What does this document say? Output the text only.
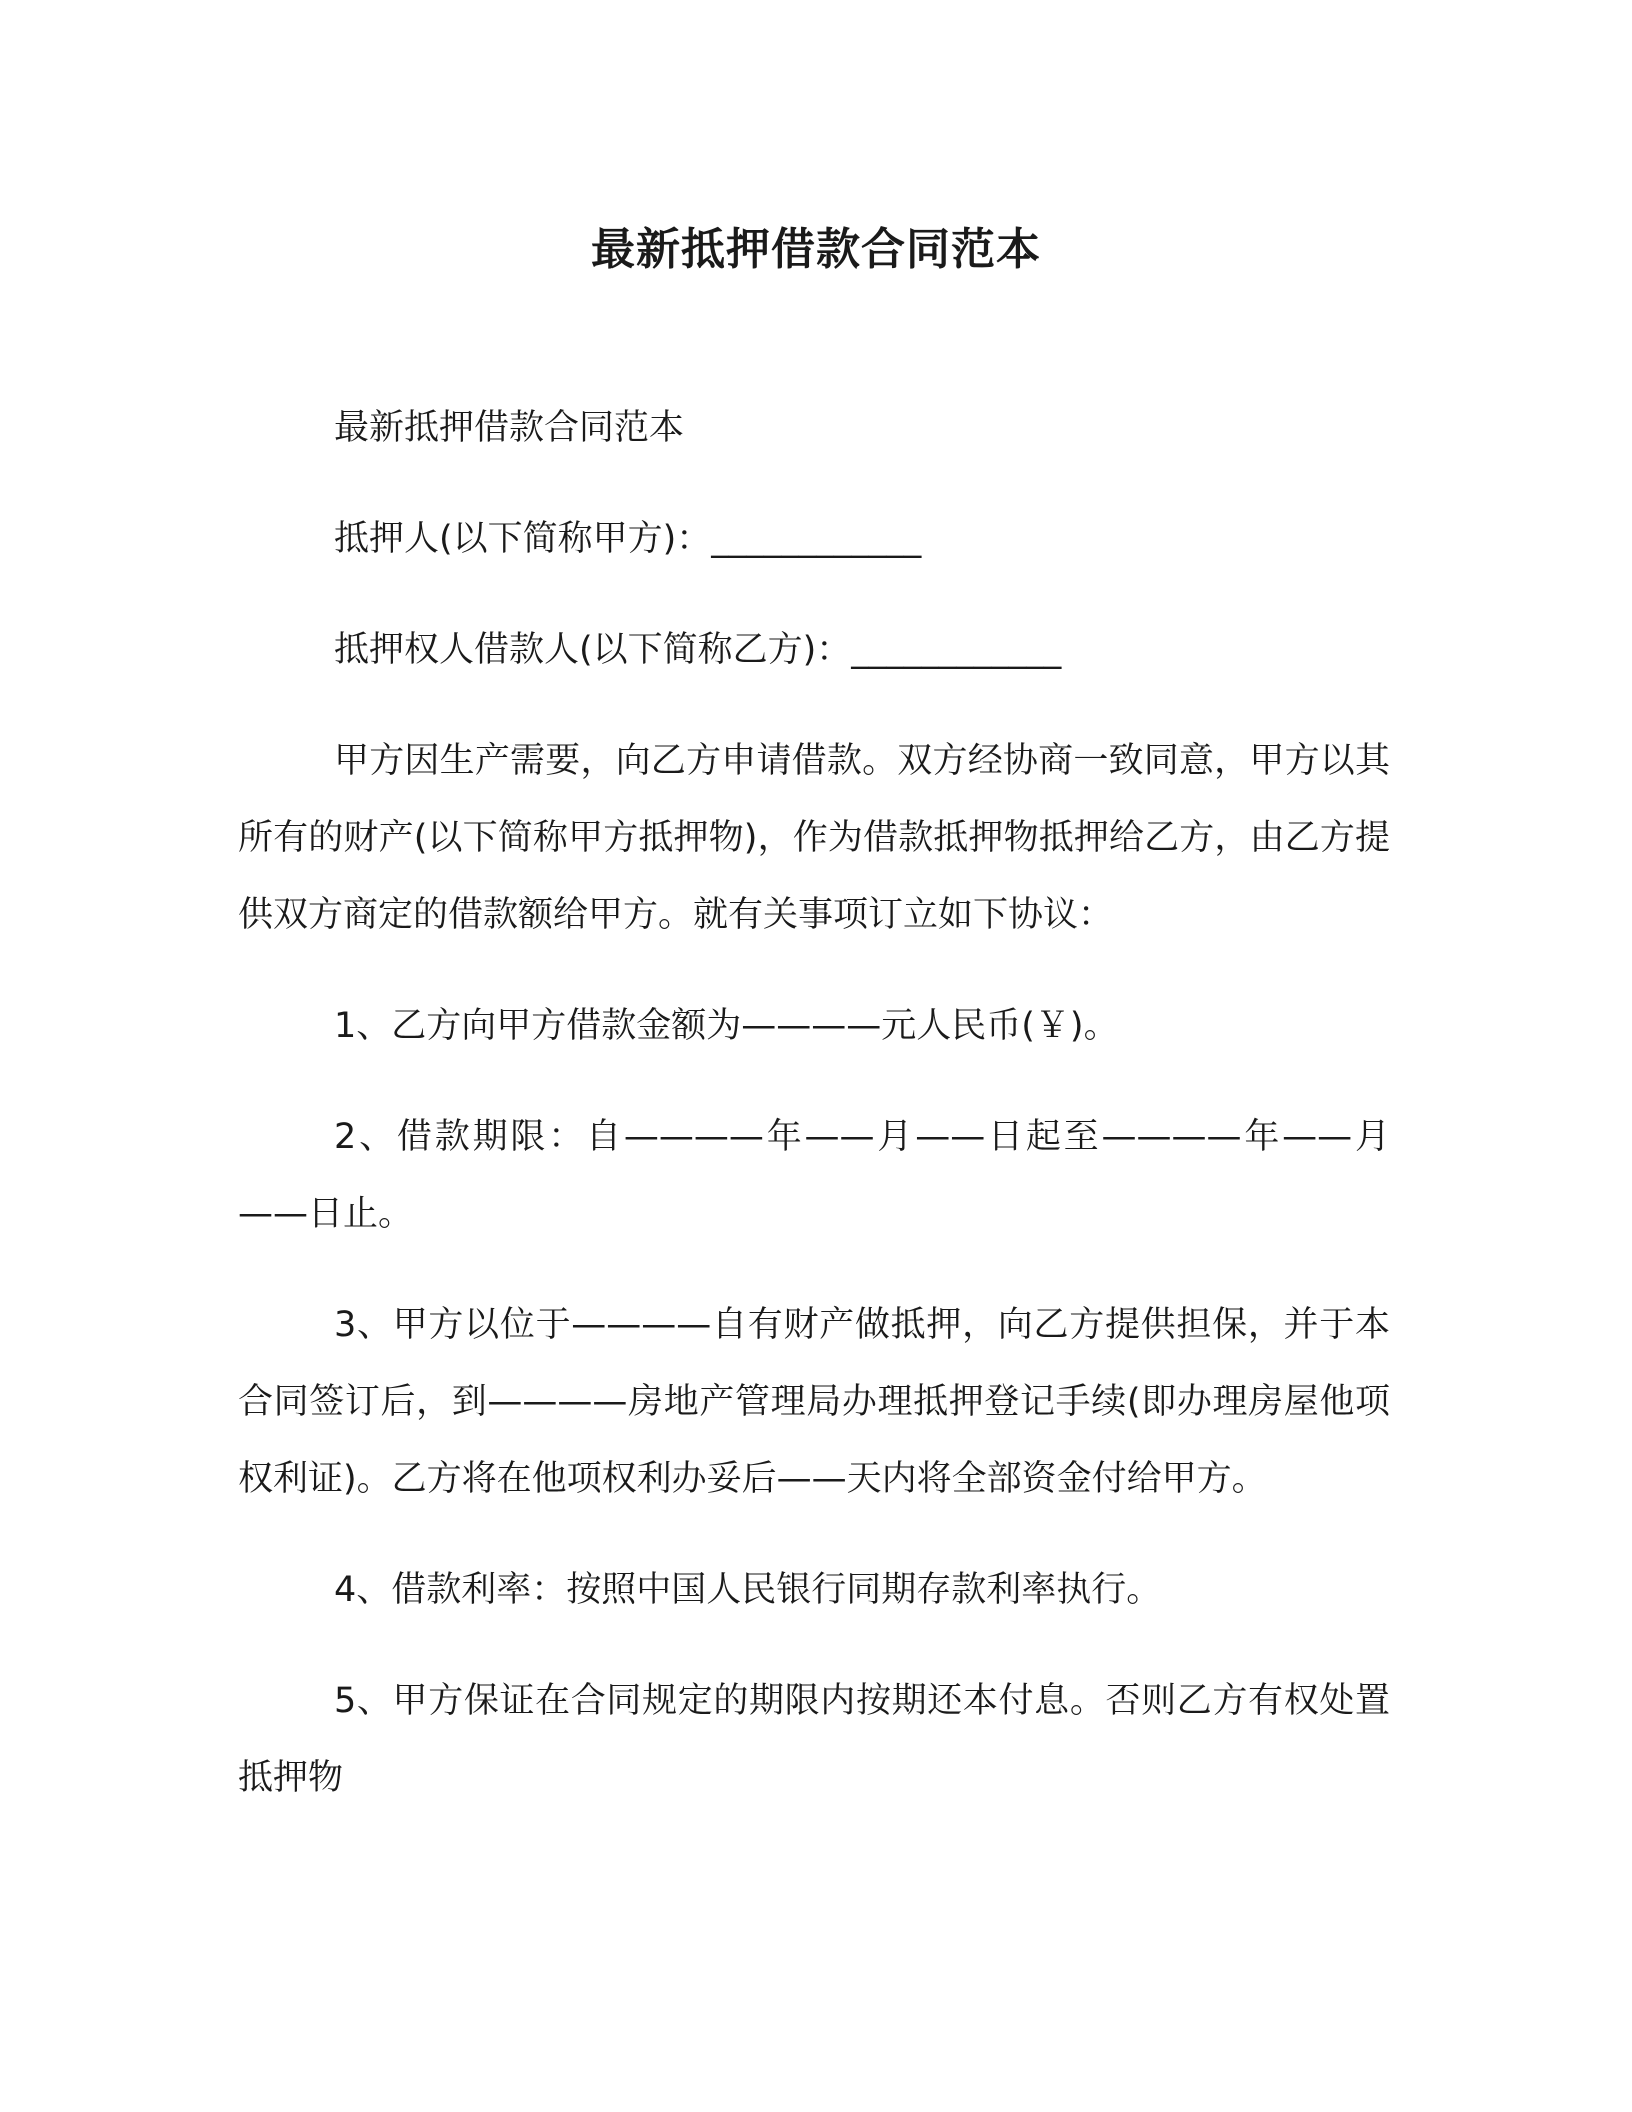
最新抵押借款合同范本

最新抵押借款合同范本

抵押人(以下简称甲方)：____________

抵押权人借款人(以下简称乙方)：____________

甲方因生产需要，向乙方申请借款。双方经协商一致同意，甲方以其所有的财产(以下简称甲方抵押物)，作为借款抵押物抵押给乙方，由乙方提供双方商定的借款额给甲方。就有关事项订立如下协议：

1、乙方向甲方借款金额为————元人民币(￥)。

2、借款期限：自————年——月——日起至————年——月——日止。

3、甲方以位于————自有财产做抵押，向乙方提供担保，并于本合同签订后，到————房地产管理局办理抵押登记手续(即办理房屋他项权利证)。乙方将在他项权利办妥后——天内将全部资金付给甲方。

4、借款利率：按照中国人民银行同期存款利率执行。

5、甲方保证在合同规定的期限内按期还本付息。否则乙方有权处置抵押物
